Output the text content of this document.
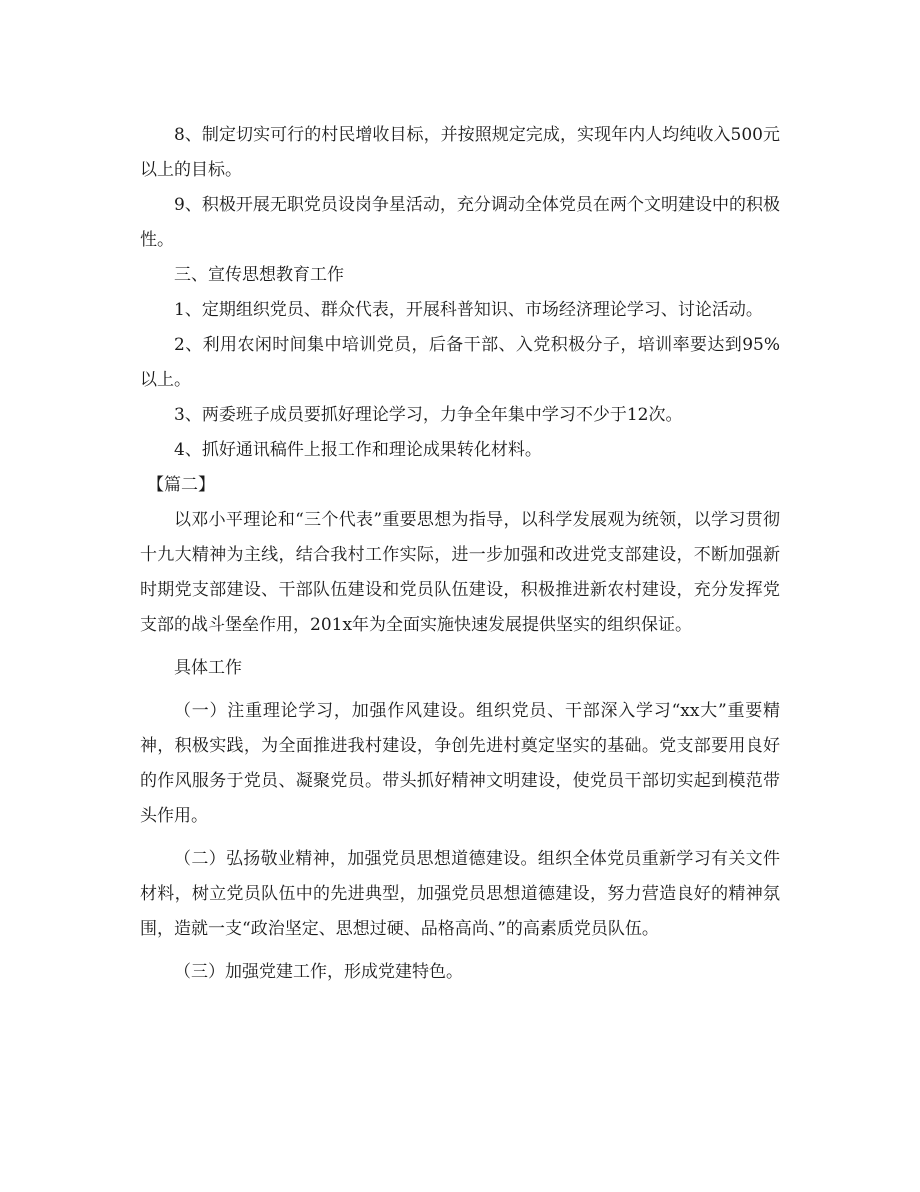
8、制定切实可行的村民增收目标，并按照规定完成，实现年内人均纯收入500元以上的目标。

9、积极开展无职党员设岗争星活动，充分调动全体党员在两个文明建设中的积极性。

三、宣传思想教育工作

1、定期组织党员、群众代表，开展科普知识、市场经济理论学习、讨论活动。

2、利用农闲时间集中培训党员，后备干部、入党积极分子，培训率要达到95%以上。

3、两委班子成员要抓好理论学习，力争全年集中学习不少于12次。

4、抓好通讯稿件上报工作和理论成果转化材料。

【篇二】

以邓小平理论和“三个代表”重要思想为指导，以科学发展观为统领，以学习贯彻十九大精神为主线，结合我村工作实际，进一步加强和改进党支部建设，不断加强新时期党支部建设、干部队伍建设和党员队伍建设，积极推进新农村建设，充分发挥党支部的战斗堡垒作用，201x年为全面实施快速发展提供坚实的组织保证。

具体工作

（一）注重理论学习，加强作风建设。组织党员、干部深入学习“xx大”重要精神，积极实践，为全面推进我村建设，争创先进村奠定坚实的基础。党支部要用良好的作风服务于党员、凝聚党员。带头抓好精神文明建设，使党员干部切实起到模范带头作用。

（二）弘扬敬业精神，加强党员思想道德建设。组织全体党员重新学习有关文件材料，树立党员队伍中的先进典型，加强党员思想道德建设，努力营造良好的精神氛围，造就一支“政治坚定、思想过硬、品格高尚、”的高素质党员队伍。

（三）加强党建工作，形成党建特色。
